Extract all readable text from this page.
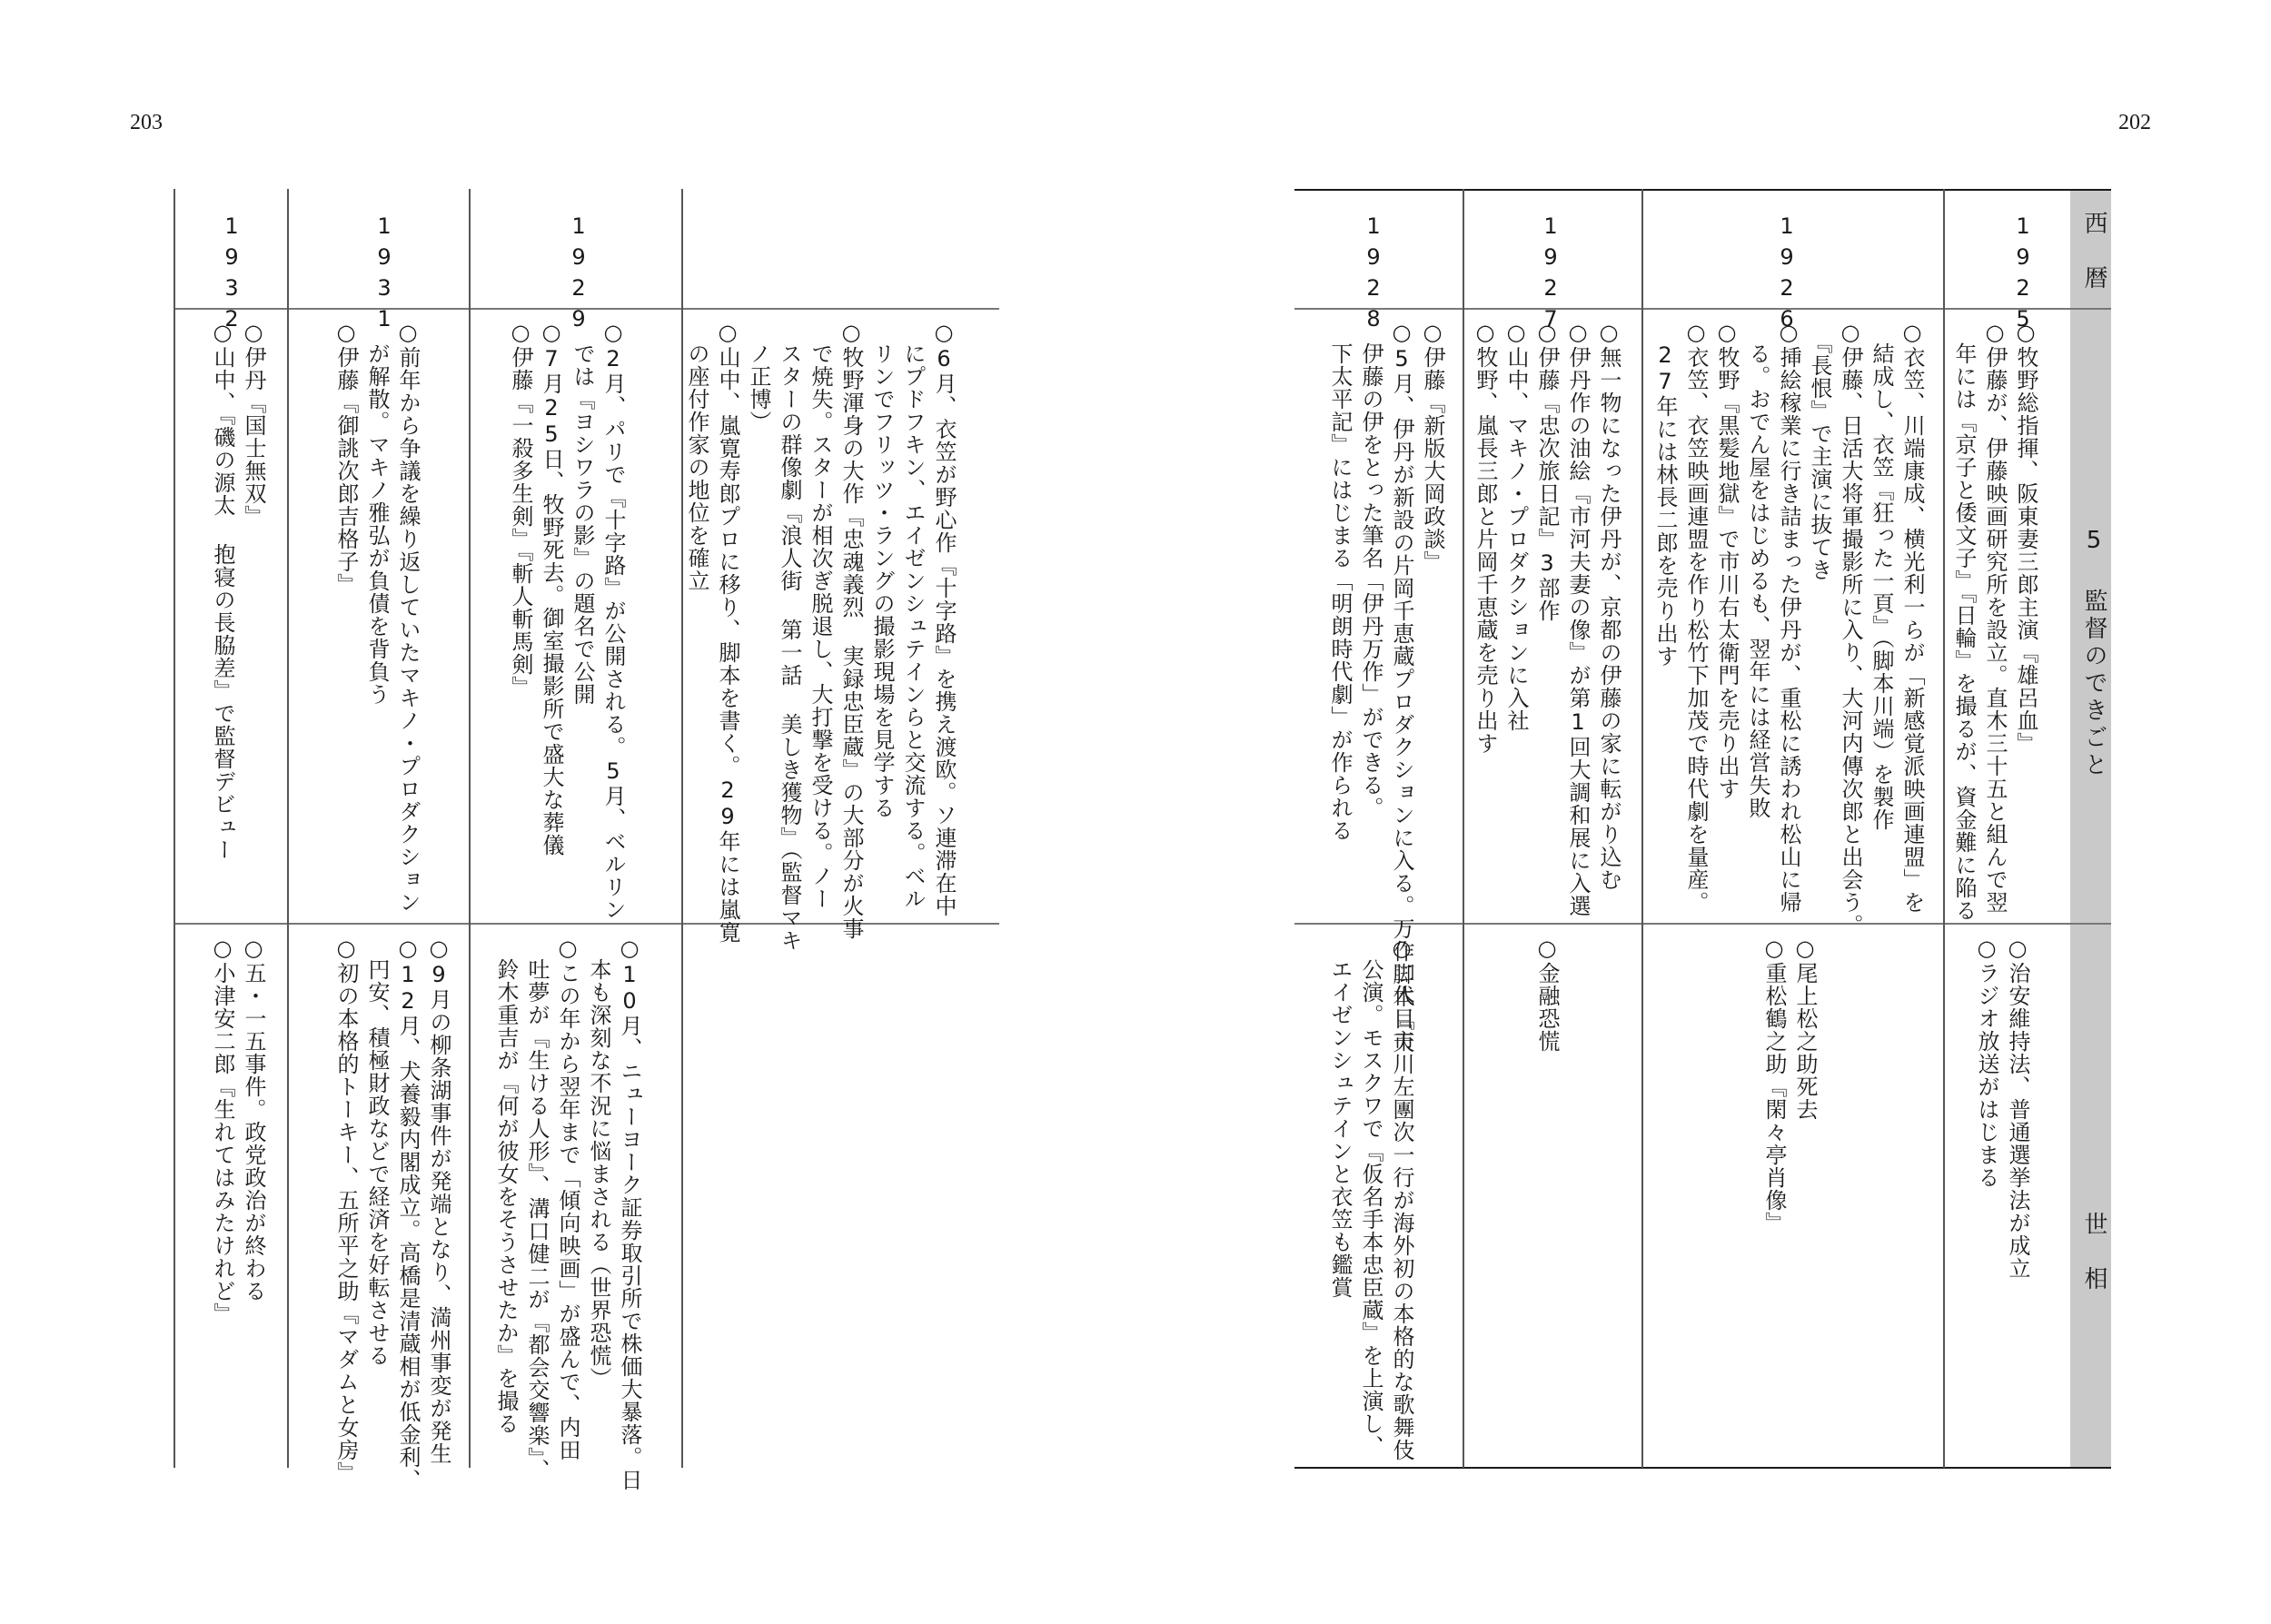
203	202
西　暦
5 監督のできごと
世　相
1925
○牧野総指揮、阪東妻三郎主演『雄呂血』
○伊藤が、伊藤映画研究所を設立。直木三十五と組んで翌
　年には『京子と倭文子』『日輪』を撮るが、資金難に陥る
○治安維持法、普通選挙法が成立
○ラジオ放送がはじまる
1926
○衣笠、川端康成、横光利一らが「新感覚派映画連盟」を
　結成し、衣笠『狂った一頁』（脚本川端）を製作
○伊藤、日活大将軍撮影所に入り、大河内傳次郎と出会う。
　『長恨』で主演に抜てき
○挿絵稼業に行き詰まった伊丹が、重松に誘われ松山に帰
　る。おでん屋をはじめるも、翌年には経営失敗
○牧野『黒髪地獄』で市川右太衛門を売り出す
○衣笠、衣笠映画連盟を作り松竹下加茂で時代劇を量産。
　27年には林長二郎を売り出す
○尾上松之助死去
○重松鶴之助『閑々亭肖像』
1927
○無一物になった伊丹が、京都の伊藤の家に転がり込む
○伊丹作の油絵『市河夫妻の像』が第1回大調和展に入選
○伊藤『忠次旅日記』3部作
○山中、マキノ・プロダクションに入社
○牧野、嵐長三郎と片岡千恵蔵を売り出す
○金融恐慌
1928
○伊藤『新版大岡政談』
○5月、伊丹が新設の片岡千恵蔵プロダクションに入る。万作脚本『天
　伊藤の伊をとった筆名「伊丹万作」ができる。
　下太平記』にはじまる「明朗時代劇」が作られる
○二代目市川左團次一行が海外初の本格的な歌舞伎
　公演。モスクワで『仮名手本忠臣蔵』を上演し、
　エイゼンシュテインと衣笠も鑑賞
○6月、衣笠が野心作『十字路』を携え渡欧。ソ連滞在中
　にプドフキン、エイゼンシュテインらと交流する。ベル
　リンでフリッツ・ラングの撮影現場を見学する
○牧野渾身の大作『忠魂義烈 実録忠臣蔵』の大部分が火事
　で焼失。スターが相次ぎ脱退し、大打撃を受ける。ノー
　スターの群像劇『浪人街 第一話 美しき獲物』（監督マキ
　ノ正博）
○山中、嵐寛寿郎プロに移り、脚本を書く。29年には嵐寛
　の座付作家の地位を確立
1929
○2月、パリで『十字路』が公開される。5月、ベルリン
　では『ヨシワラの影』の題名で公開
○7月25日、牧野死去。御室撮影所で盛大な葬儀
○伊藤『一殺多生剣』『斬人斬馬剣』
○10月、ニューヨーク証券取引所で株価大暴落。日
　本も深刻な不況に悩まされる（世界恐慌）
○この年から翌年まで「傾向映画」が盛んで、内田
　吐夢が『生ける人形』、溝口健二が『都会交響楽』、
　鈴木重吉が『何が彼女をそうさせたか』を撮る
1931
○前年から争議を繰り返していたマキノ・プロダクション
　が解散。マキノ雅弘が負債を背負う
○伊藤『御誂次郎吉格子』
○9月の柳条湖事件が発端となり、満州事変が発生
○12月、犬養毅内閣成立。高橋是清蔵相が低金利、
　円安、積極財政などで経済を好転させる
○初の本格的トーキー、五所平之助『マダムと女房』
1932
○伊丹『国士無双』
○山中、『磯の源太 抱寝の長脇差』で監督デビュー
○五・一五事件。政党政治が終わる
○小津安二郎『生れてはみたけれど』
